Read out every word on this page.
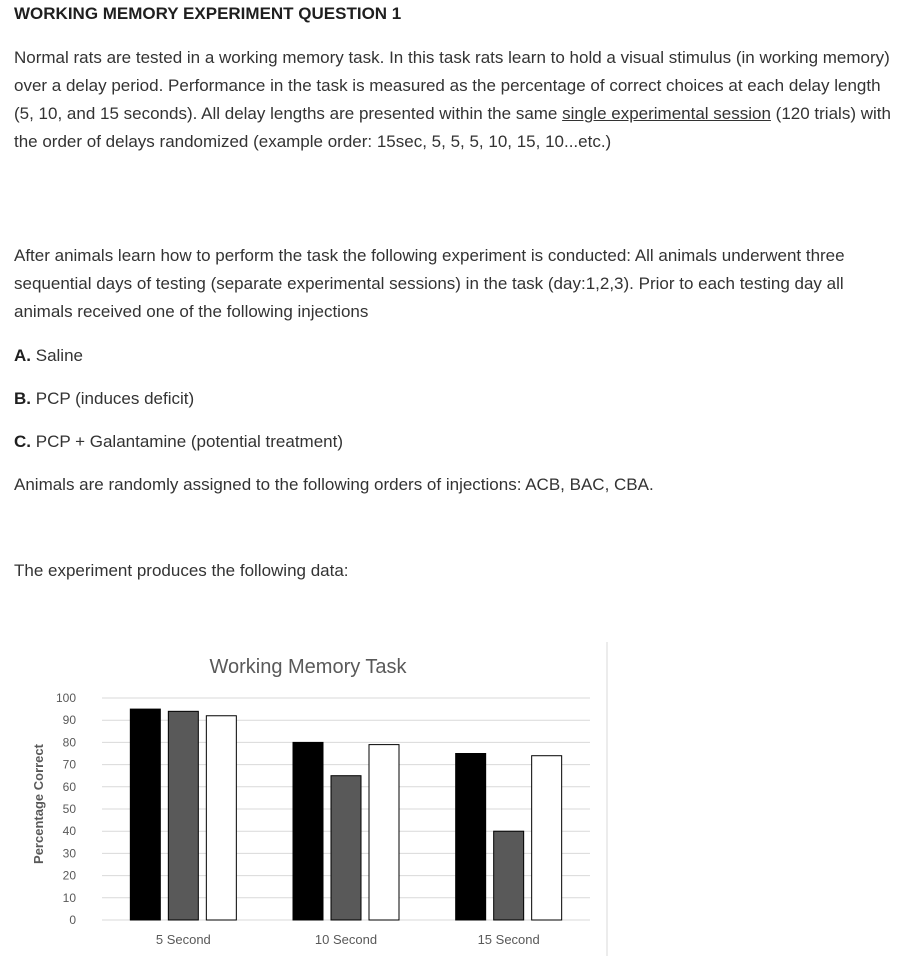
WORKING MEMORY EXPERIMENT QUESTION 1

Normal rats are tested in a working memory task. In this task rats learn to hold a visual stimulus (in working memory) over a delay period. Performance in the task is measured as the percentage of correct choices at each delay length (5, 10, and 15 seconds). All delay lengths are presented within the same single experimental session (120 trials) with the order of delays randomized (example order: 15sec, 5, 5, 5, 10, 15, 10...etc.)

After animals learn how to perform the task the following experiment is conducted: All animals underwent three sequential days of testing (separate experimental sessions) in the task (day:1,2,3). Prior to each testing day all animals received one of the following injections

A. Saline

B. PCP (induces deficit)

C. PCP + Galantamine (potential treatment)

Animals are randomly assigned to the following orders of injections: ACB, BAC, CBA.

The experiment produces the following data:

Working Memory Task
Percentage Correct
0
10
20
30
40
50
60
70
80
90
100
5 Second	10 Second	15 Second
